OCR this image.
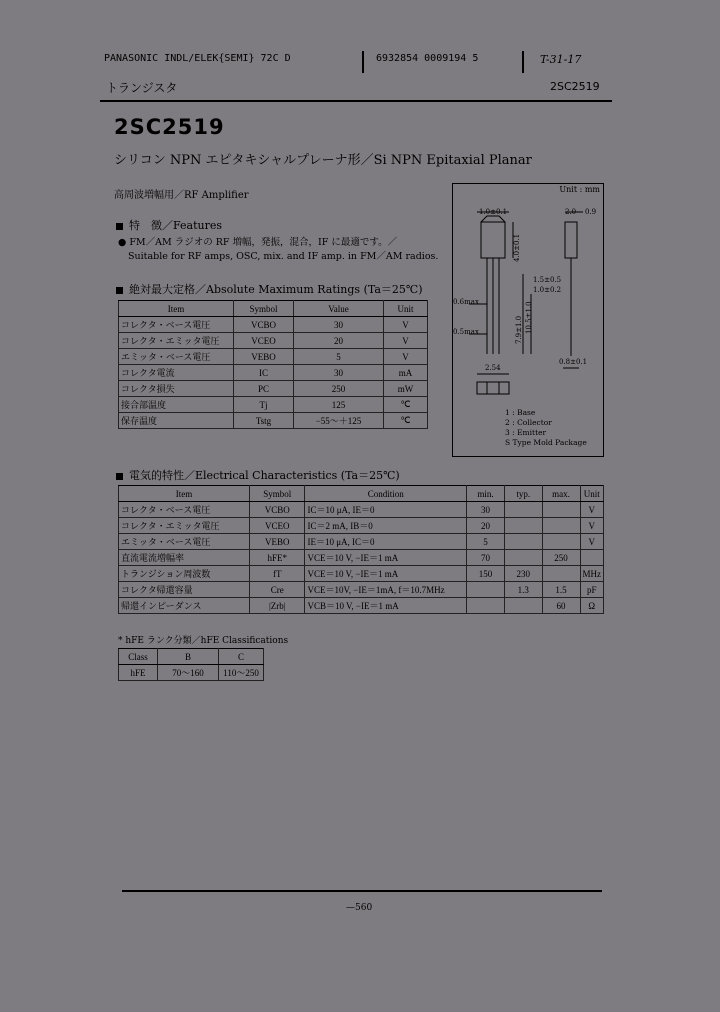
PANASONIC INDL/ELEK{SEMI} 72C D	6932854 0009194 5	T-31-17
トランジスタ	2SC2519
2SC2519
シリコン NPN エピタキシャルプレーナ形／Si NPN Epitaxial Planar
高周波増幅用／RF Amplifier
特　徴／Features
● FM／AM ラジオの RF 増幅，発振，混合，IF に最適です。／
Suitable for RF amps, OSC, mix. and IF amp. in FM／AM radios.
絶対最大定格／Absolute Maximum Ratings (Ta＝25℃)
Item	Symbol	Value	Unit
コレクタ・ベース電圧	VCBO	30	V
コレクタ・エミッタ電圧	VCEO	20	V
エミッタ・ベース電圧	VEBO	5	V
コレクタ電流	IC	30	mA
コレクタ損失	PC	250	mW
接合部温度	Tj	125	℃
保存温度	Tstg	−55～＋125	℃
Unit : mm
1.0±0.1	2.0 0.9
0.6max
0.5max
1.5±0.5
1.0±0.2
4.0±0.1
7.9±1.0 10.5±1.0
2.54
0.8±0.1
1 : Base
2 : Collector
3 : Emitter
S Type Mold Package
電気的特性／Electrical Characteristics (Ta＝25℃)
Item	Symbol	Condition	min.	typ.	max.	Unit
コレクタ・ベース電圧	VCBO	IC＝10 μA, IE＝0	30			V
コレクタ・エミッタ電圧	VCEO	IC＝2 mA, IB＝0	20			V
エミッタ・ベース電圧	VEBO	IE＝10 μA, IC＝0	5			V
直流電流増幅率	hFE*	VCE＝10 V, −IE＝1 mA	70		250	
トランジション周波数	fT	VCE＝10 V, −IE＝1 mA	150	230		MHz
コレクタ帰還容量	Cre	VCE＝10V, −IE＝1mA, f＝10.7MHz		1.3	1.5	pF
帰還インピーダンス	|Zrb|	VCB＝10 V, −IE＝1 mA			60	Ω
* hFE ランク分類／hFE Classifications
Class	B	C
hFE	70～160	110～250
—560
